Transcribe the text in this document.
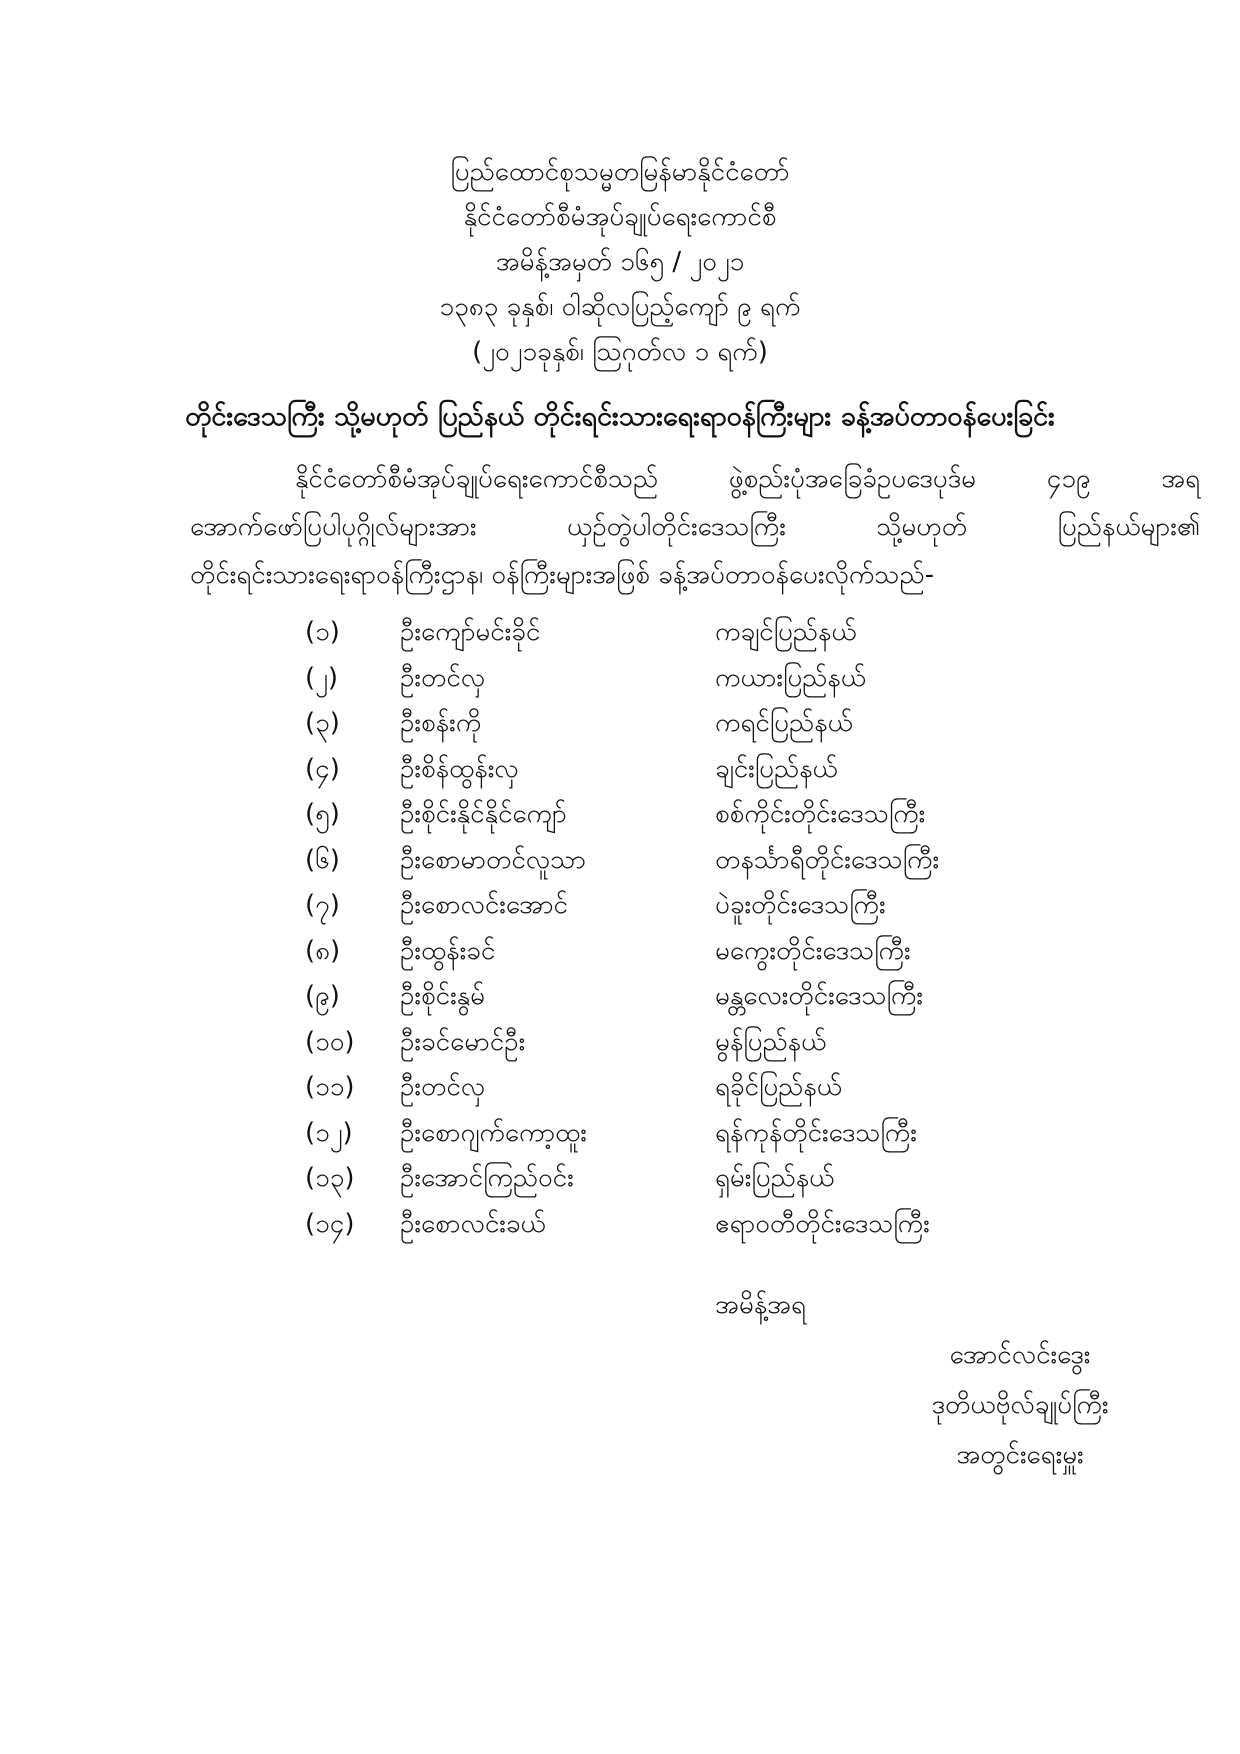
ပြည်ထောင်စုသမ္မတမြန်မာနိုင်ငံတော်
နိုင်ငံတော်စီမံအုပ်ချုပ်ရေးကောင်စီ
အမိန့်အမှတ် ၁၆၅ / ၂၀၂၁
၁၃၈၃ ခုနှစ်၊ ဝါဆိုလပြည့်ကျော် ၉ ရက်
(၂၀၂၁ခုနှစ်၊ ဩဂုတ်လ ၁ ရက်)
တိုင်းဒေသကြီး သို့မဟုတ် ပြည်နယ် တိုင်းရင်းသားရေးရာဝန်ကြီးများ ခန့်အပ်တာဝန်ပေးခြင်း
နိုင်ငံတော်စီမံအုပ်ချုပ်ရေးကောင်စီသည်	ဖွဲ့စည်းပုံအခြေခံဥပဒေပုဒ်မ	၄၁၉	အရ
အောက်ဖော်ပြပါပုဂ္ဂိုလ်များအား	ယှဉ်တွဲပါတိုင်းဒေသကြီး	သို့မဟုတ်	ပြည်နယ်များ၏
တိုင်းရင်းသားရေးရာဝန်ကြီးဌာန၊ ဝန်ကြီးများအဖြစ် ခန့်အပ်တာဝန်ပေးလိုက်သည်-
(၁) ဦးကျော်မင်းခိုင်	ကချင်ပြည်နယ်
(၂) ဦးတင်လှ	ကယားပြည်နယ်
(၃) ဦးစန်းကို	ကရင်ပြည်နယ်
(၄) ဦးစိန်ထွန်းလှ	ချင်းပြည်နယ်
(၅) ဦးစိုင်းနိုင်နိုင်ကျော်	စစ်ကိုင်းတိုင်းဒေသကြီး
(၆) ဦးစောမာတင်လူသာ	တနင်္သာရီတိုင်းဒေသကြီး
(၇) ဦးစောလင်းအောင်	ပဲခူးတိုင်းဒေသကြီး
(၈) ဦးထွန်းခင်	မကွေးတိုင်းဒေသကြီး
(၉) ဦးစိုင်းနွမ်	မန္တလေးတိုင်းဒေသကြီး
(၁၀) ဦးခင်မောင်ဦး	မွန်ပြည်နယ်
(၁၁) ဦးတင်လှ	ရခိုင်ပြည်နယ်
(၁၂) ဦးစောဂျက်ကော့ထူး	ရန်ကုန်တိုင်းဒေသကြီး
(၁၃) ဦးအောင်ကြည်ဝင်း	ရှမ်းပြည်နယ်
(၁၄) ဦးစောလင်းခယ်	ဧရာဝတီတိုင်းဒေသကြီး
အမိန့်အရ
အောင်လင်းဒွေး
ဒုတိယဗိုလ်ချုပ်ကြီး
အတွင်းရေးမှူး
